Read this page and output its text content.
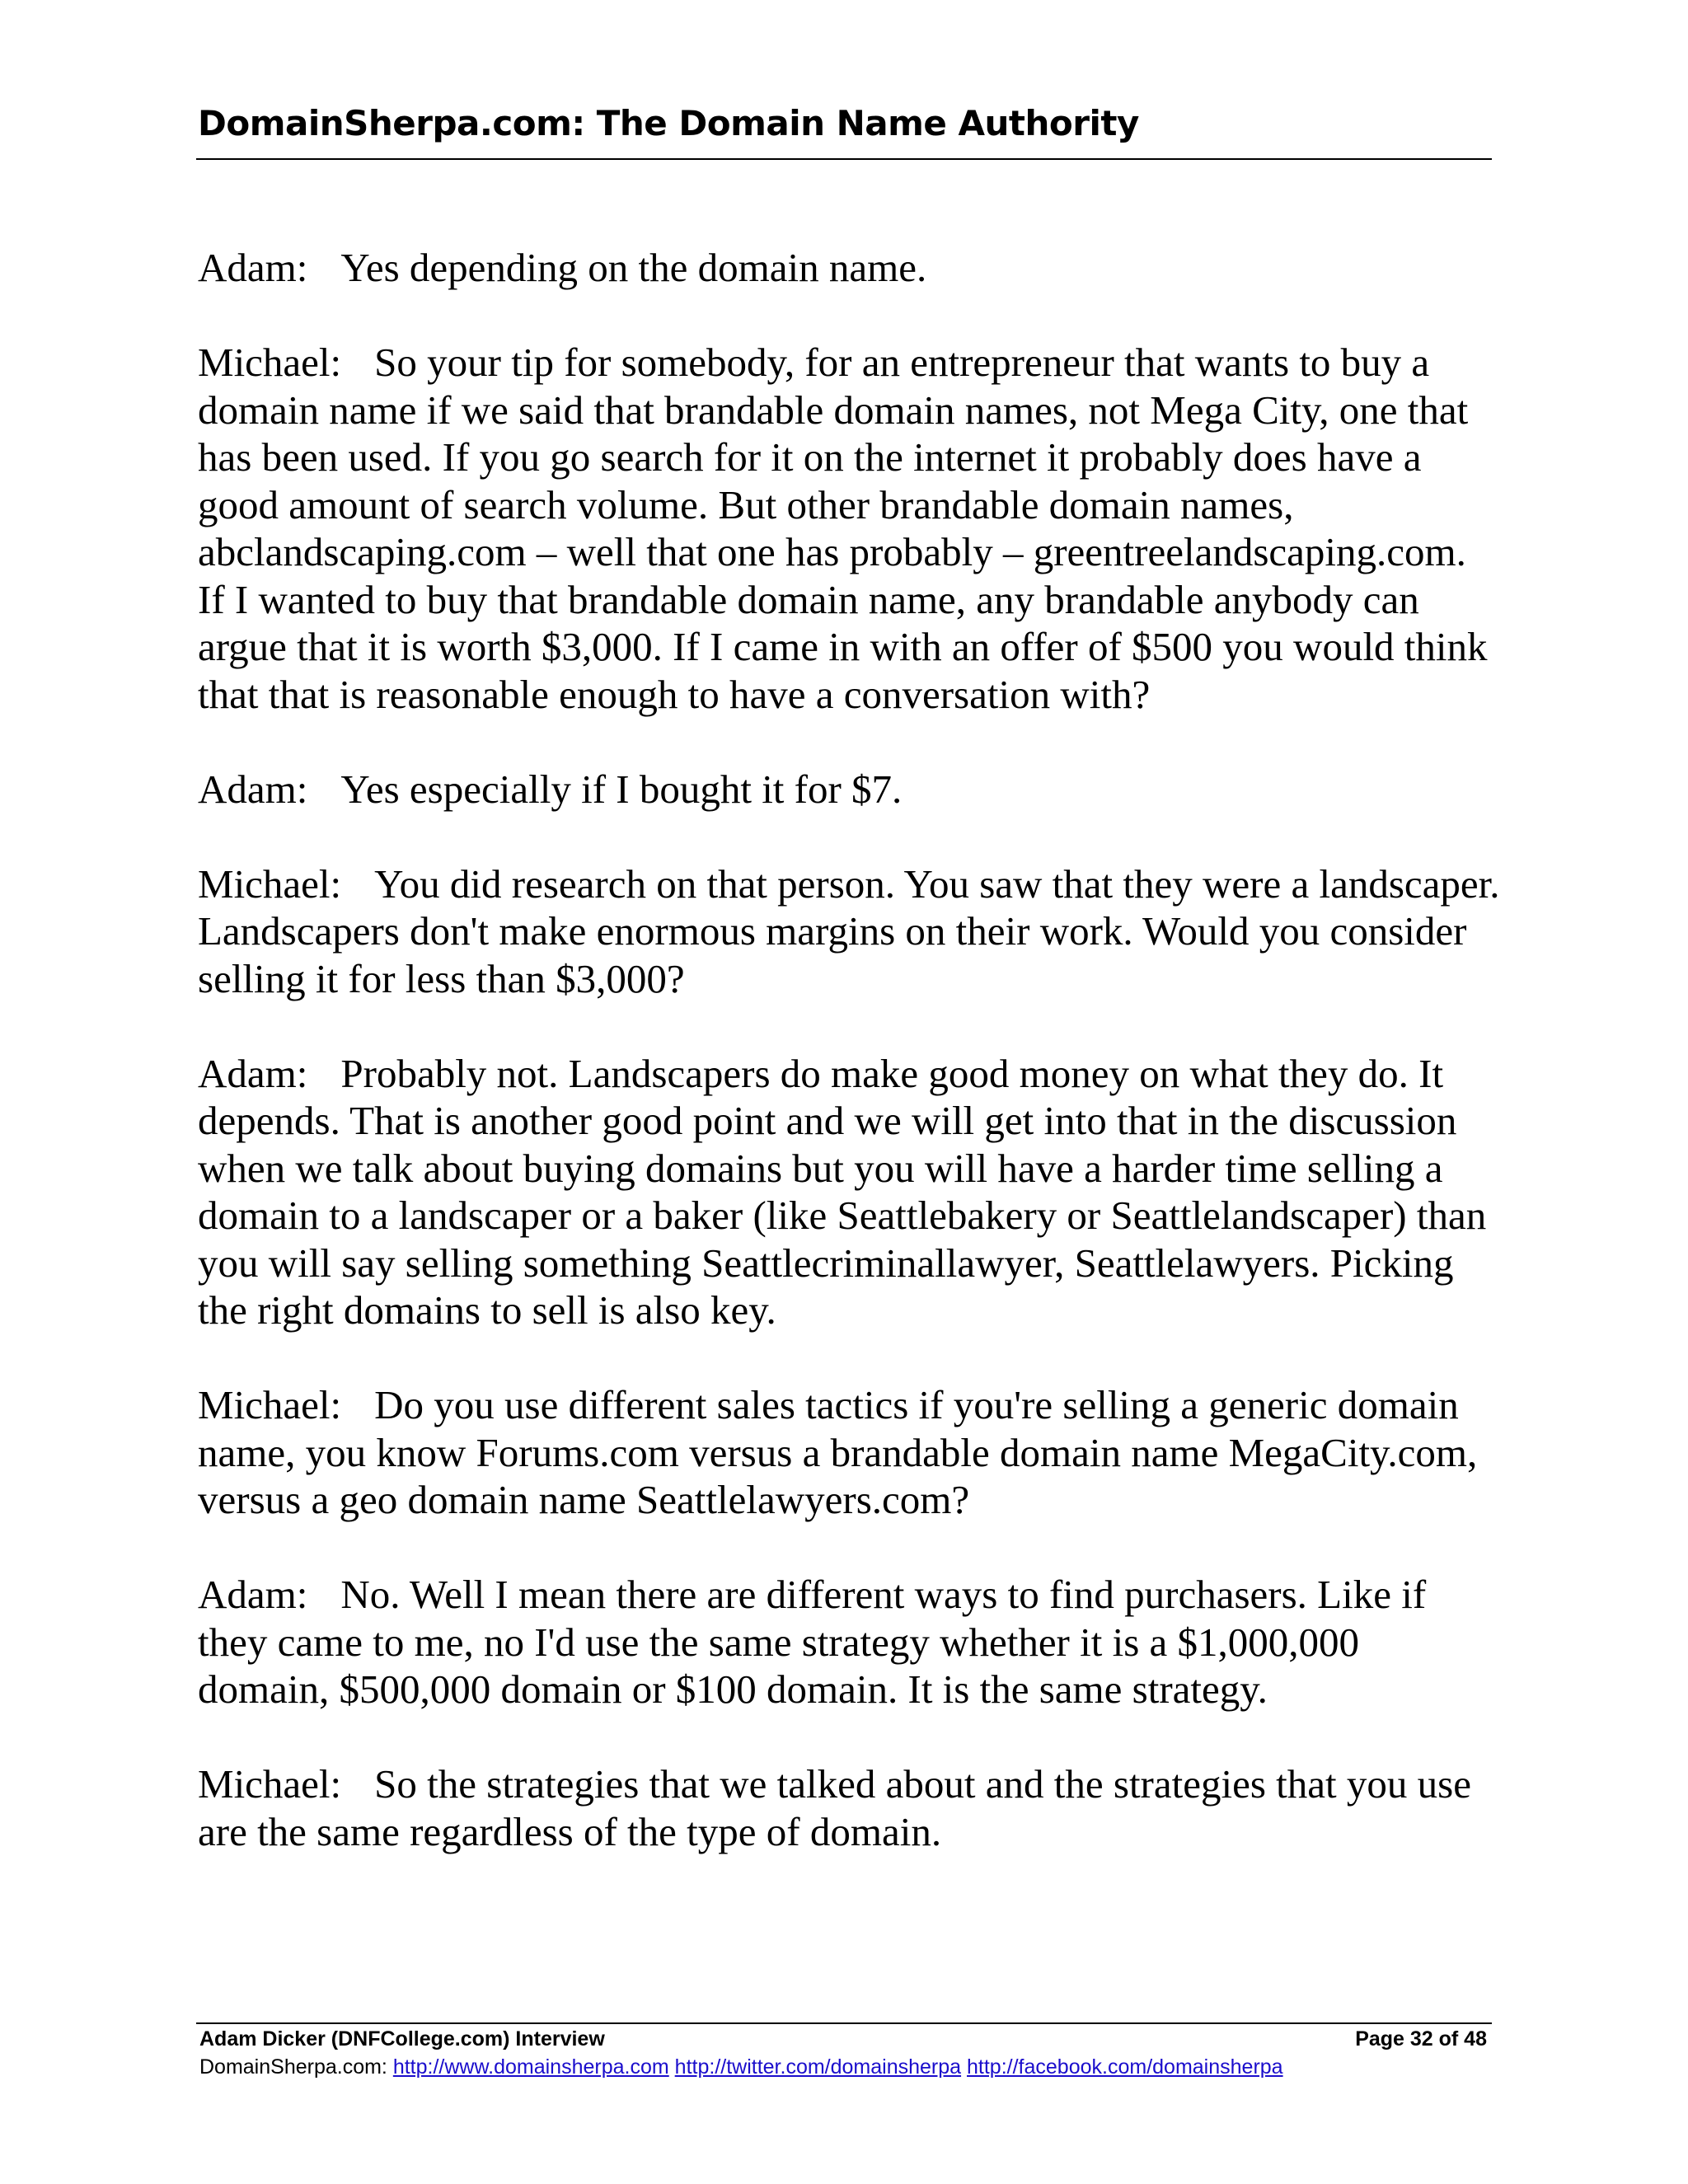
DomainSherpa.com: The Domain Name Authority

Adam: Yes depending on the domain name.

Michael: So your tip for somebody, for an entrepreneur that wants to buy a domain name if we said that brandable domain names, not Mega City, one that has been used. If you go search for it on the internet it probably does have a good amount of search volume. But other brandable domain names, abclandscaping.com – well that one has probably – greentreelandscaping.com. If I wanted to buy that brandable domain name, any brandable anybody can argue that it is worth $3,000. If I came in with an offer of $500 you would think that that is reasonable enough to have a conversation with?

Adam: Yes especially if I bought it for $7.

Michael: You did research on that person. You saw that they were a landscaper. Landscapers don't make enormous margins on their work. Would you consider selling it for less than $3,000?

Adam: Probably not. Landscapers do make good money on what they do. It depends. That is another good point and we will get into that in the discussion when we talk about buying domains but you will have a harder time selling a domain to a landscaper or a baker (like Seattlebakery or Seattlelandscaper) than you will say selling something Seattlecriminallawyer, Seattlelawyers. Picking the right domains to sell is also key.

Michael: Do you use different sales tactics if you're selling a generic domain name, you know Forums.com versus a brandable domain name MegaCity.com, versus a geo domain name Seattlelawyers.com?

Adam: No. Well I mean there are different ways to find purchasers. Like if they came to me, no I'd use the same strategy whether it is a $1,000,000 domain, $500,000 domain or $100 domain. It is the same strategy.

Michael: So the strategies that we talked about and the strategies that you use are the same regardless of the type of domain.

Adam Dicker (DNFCollege.com) Interview	Page 32 of 48
DomainSherpa.com: http://www.domainsherpa.com http://twitter.com/domainsherpa http://facebook.com/domainsherpa
